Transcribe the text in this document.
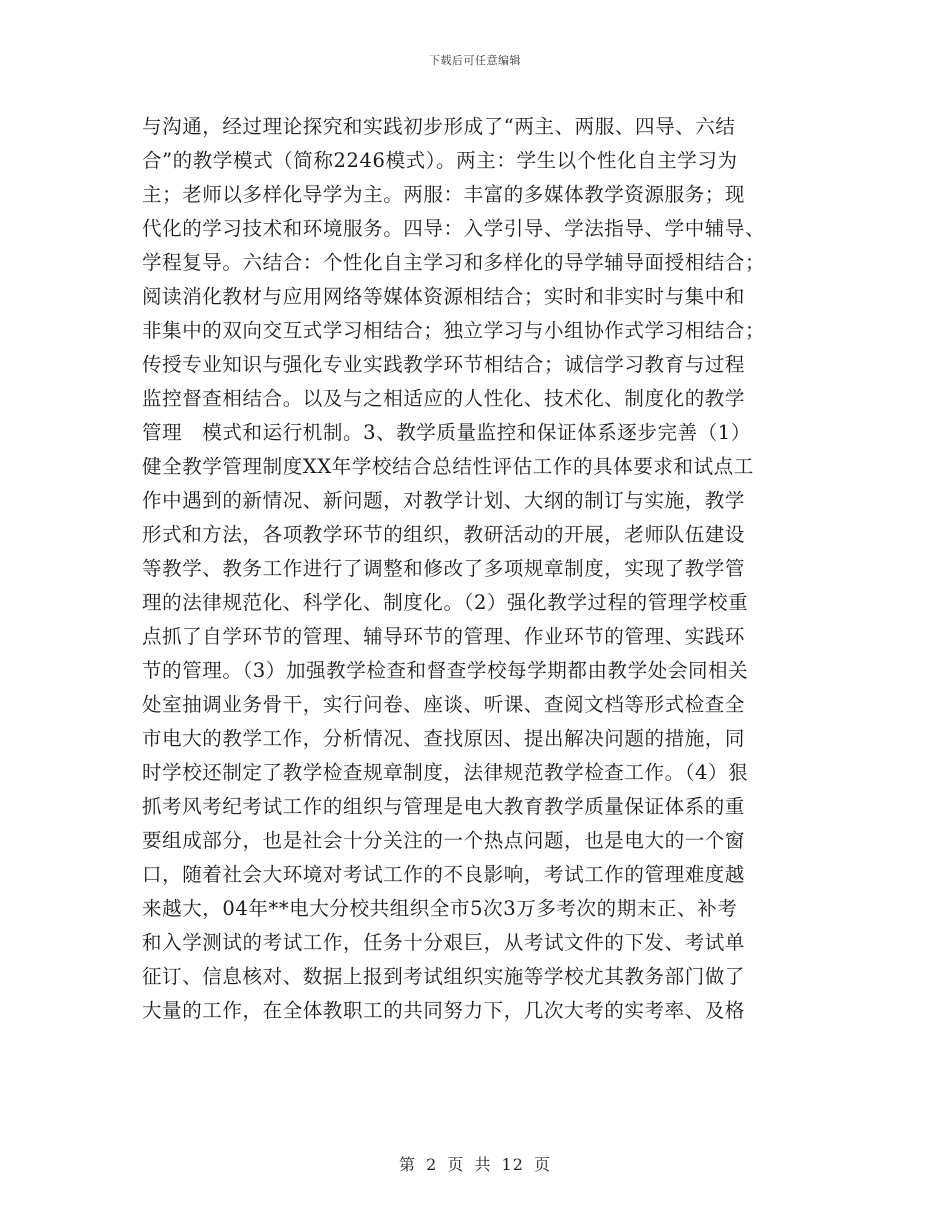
下载后可任意编辑
与沟通，经过理论探究和实践初步形成了“两主、两服、四导、六结
合”的教学模式（简称2246模式）。两主：学生以个性化自主学习为
主；老师以多样化导学为主。两服：丰富的多媒体教学资源服务；现
代化的学习技术和环境服务。四导：入学引导、学法指导、学中辅导、
学程复导。六结合：个性化自主学习和多样化的导学辅导面授相结合；
阅读消化教材与应用网络等媒体资源相结合；实时和非实时与集中和
非集中的双向交互式学习相结合；独立学习与小组协作式学习相结合；
传授专业知识与强化专业实践教学环节相结合；诚信学习教育与过程
监控督查相结合。以及与之相适应的人性化、技术化、制度化的教学
管理　模式和运行机制。3、教学质量监控和保证体系逐步完善（1）
健全教学管理制度XX年学校结合总结性评估工作的具体要求和试点工
作中遇到的新情况、新问题，对教学计划、大纲的制订与实施，教学
形式和方法，各项教学环节的组织，教研活动的开展，老师队伍建设
等教学、教务工作进行了调整和修改了多项规章制度，实现了教学管
理的法律规范化、科学化、制度化。（2）强化教学过程的管理学校重
点抓了自学环节的管理、辅导环节的管理、作业环节的管理、实践环
节的管理。（3）加强教学检查和督查学校每学期都由教学处会同相关
处室抽调业务骨干，实行问卷、座谈、听课、查阅文档等形式检查全
市电大的教学工作，分析情况、查找原因、提出解决问题的措施，同
时学校还制定了教学检查规章制度，法律规范教学检查工作。（4）狠
抓考风考纪考试工作的组织与管理是电大教育教学质量保证体系的重
要组成部分，也是社会十分关注的一个热点问题，也是电大的一个窗
口，随着社会大环境对考试工作的不良影响，考试工作的管理难度越
来越大，04年**电大分校共组织全市5次3万多考次的期末正、补考
和入学测试的考试工作，任务十分艰巨，从考试文件的下发、考试单
征订、信息核对、数据上报到考试组织实施等学校尤其教务部门做了
大量的工作，在全体教职工的共同努力下，几次大考的实考率、及格
第 2 页 共 12 页
